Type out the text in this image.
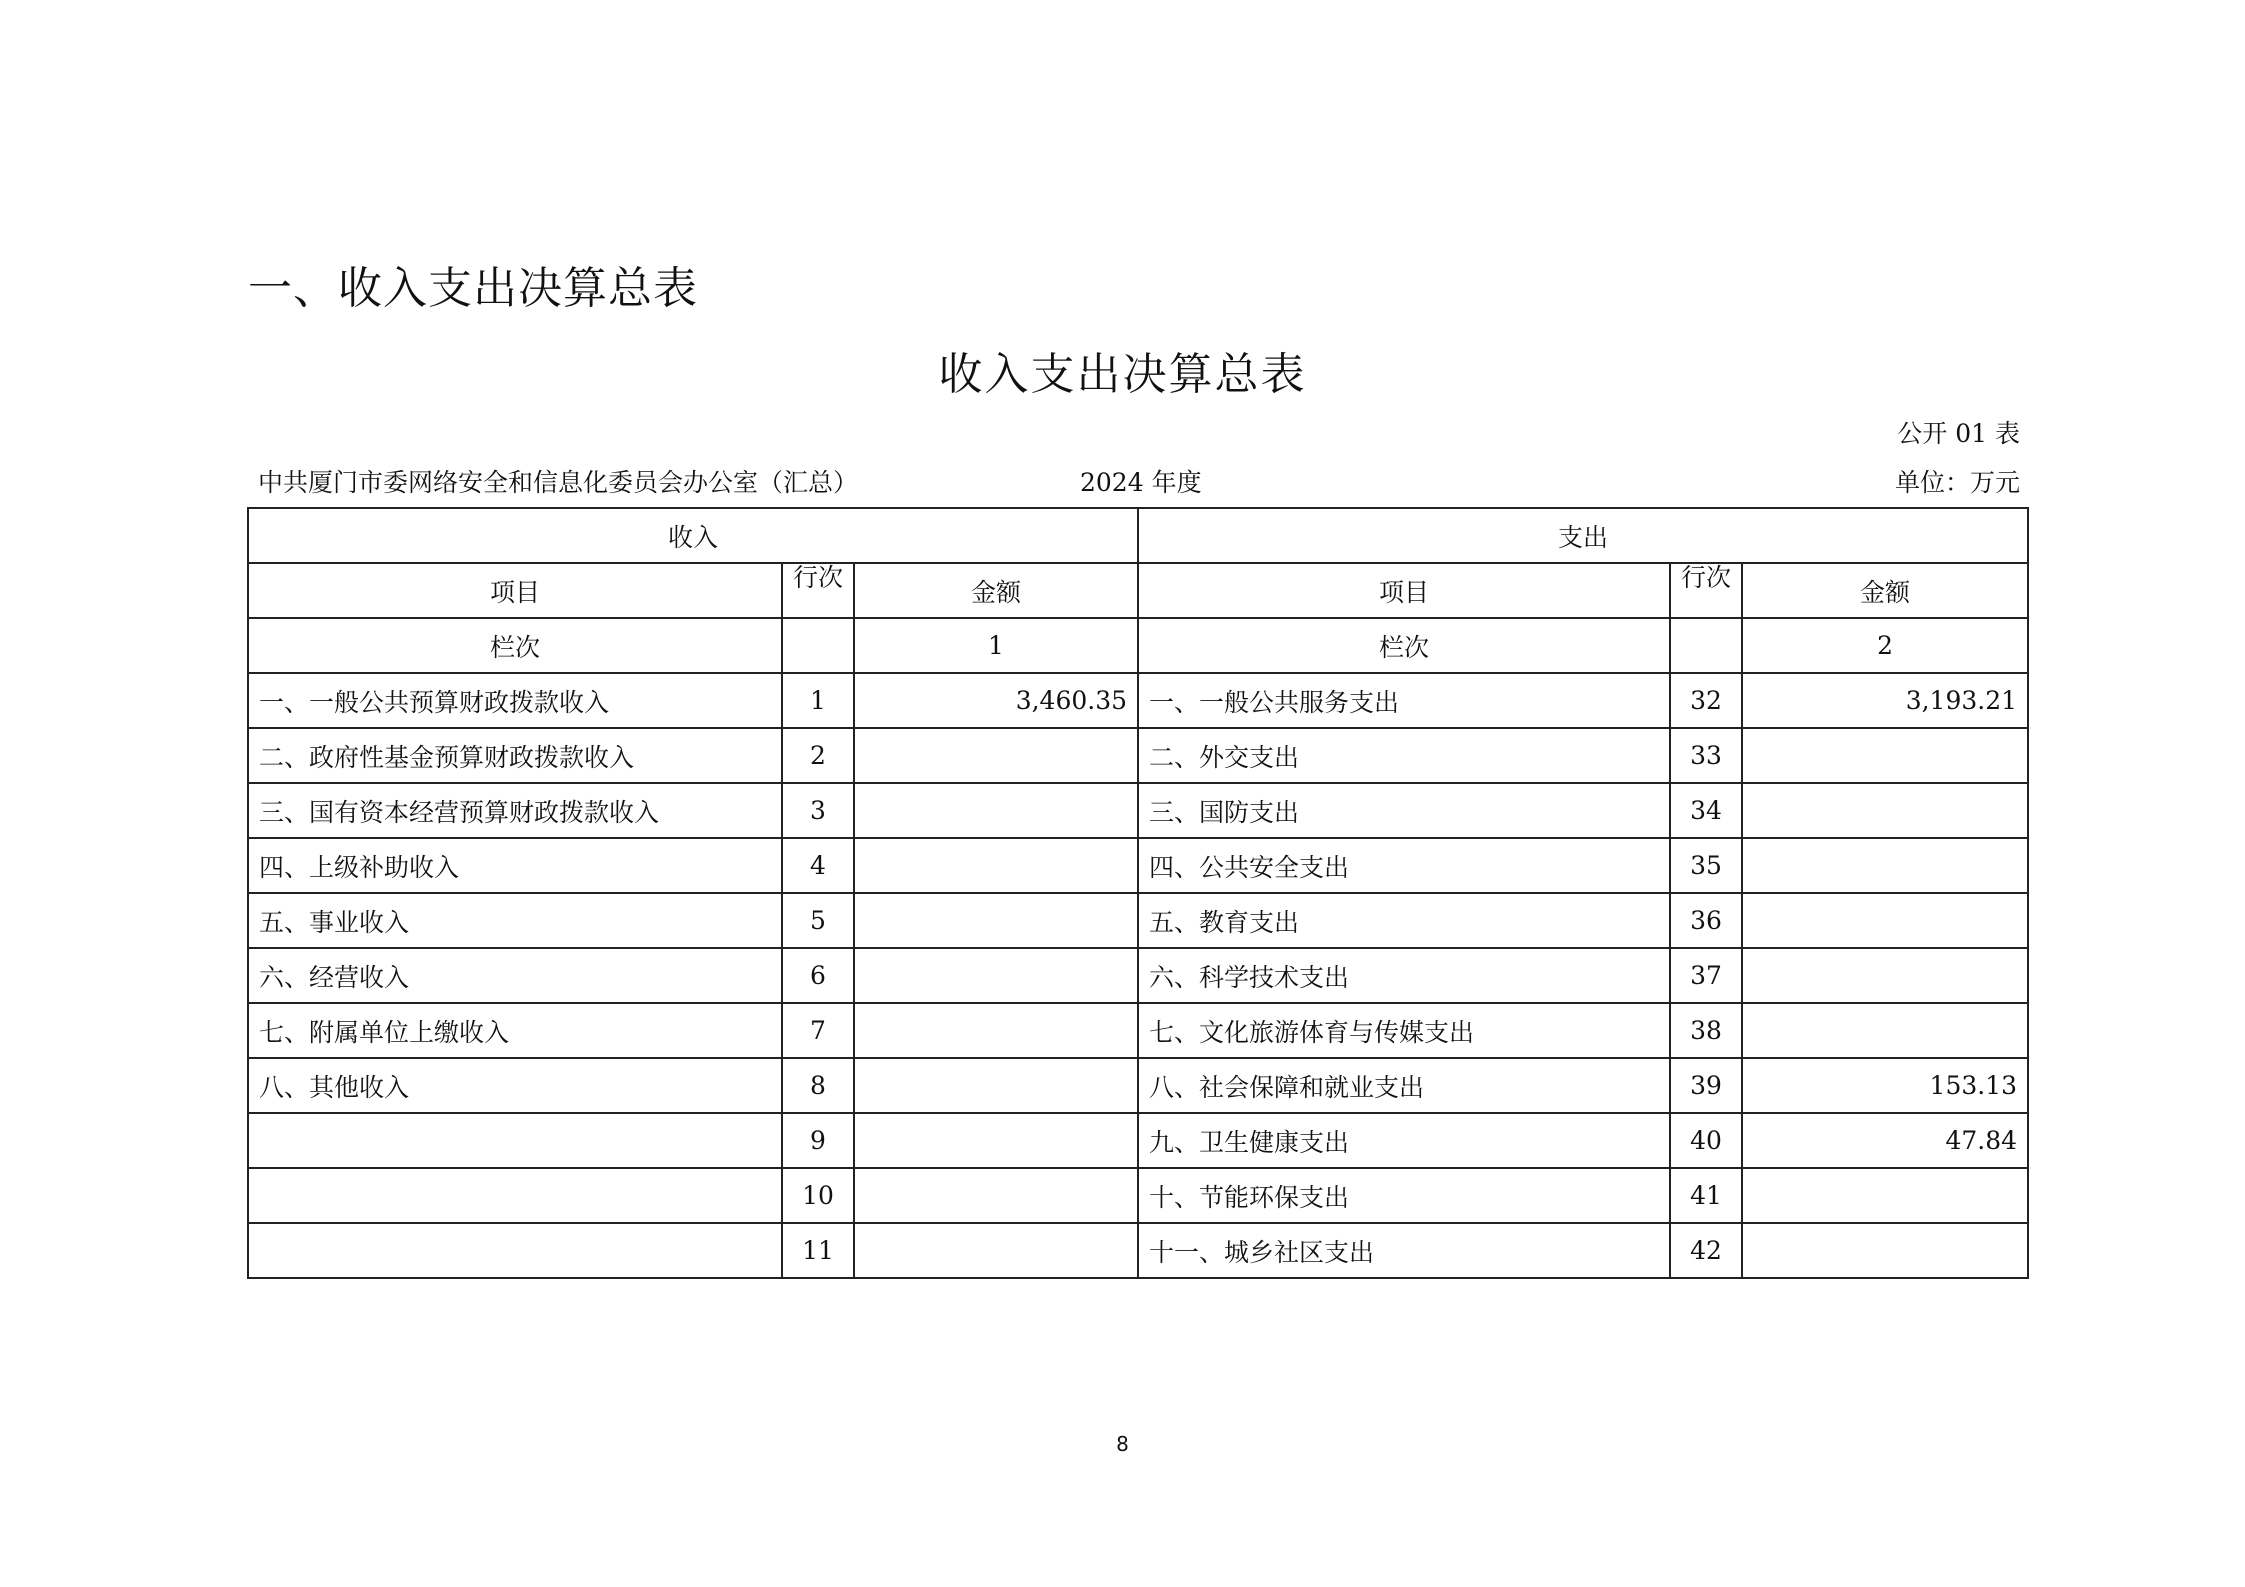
一、收入支出决算总表
收入支出决算总表
公开 01 表
中共厦门市委网络安全和信息化委员会办公室（汇总）	2024 年度	单位：万元
收入			支出		
项目	行次	金额	项目	行次	金额
栏次		1	栏次		2
一、一般公共预算财政拨款收入	1	3,460.35	一、一般公共服务支出	32	3,193.21
二、政府性基金预算财政拨款收入	2		二、外交支出	33	
三、国有资本经营预算财政拨款收入	3		三、国防支出	34	
四、上级补助收入	4		四、公共安全支出	35	
五、事业收入	5		五、教育支出	36	
六、经营收入	6		六、科学技术支出	37	
七、附属单位上缴收入	7		七、文化旅游体育与传媒支出	38	
八、其他收入	8		八、社会保障和就业支出	39	153.13
	9		九、卫生健康支出	40	47.84
	10		十、节能环保支出	41	
	11		十一、城乡社区支出	42	
8
